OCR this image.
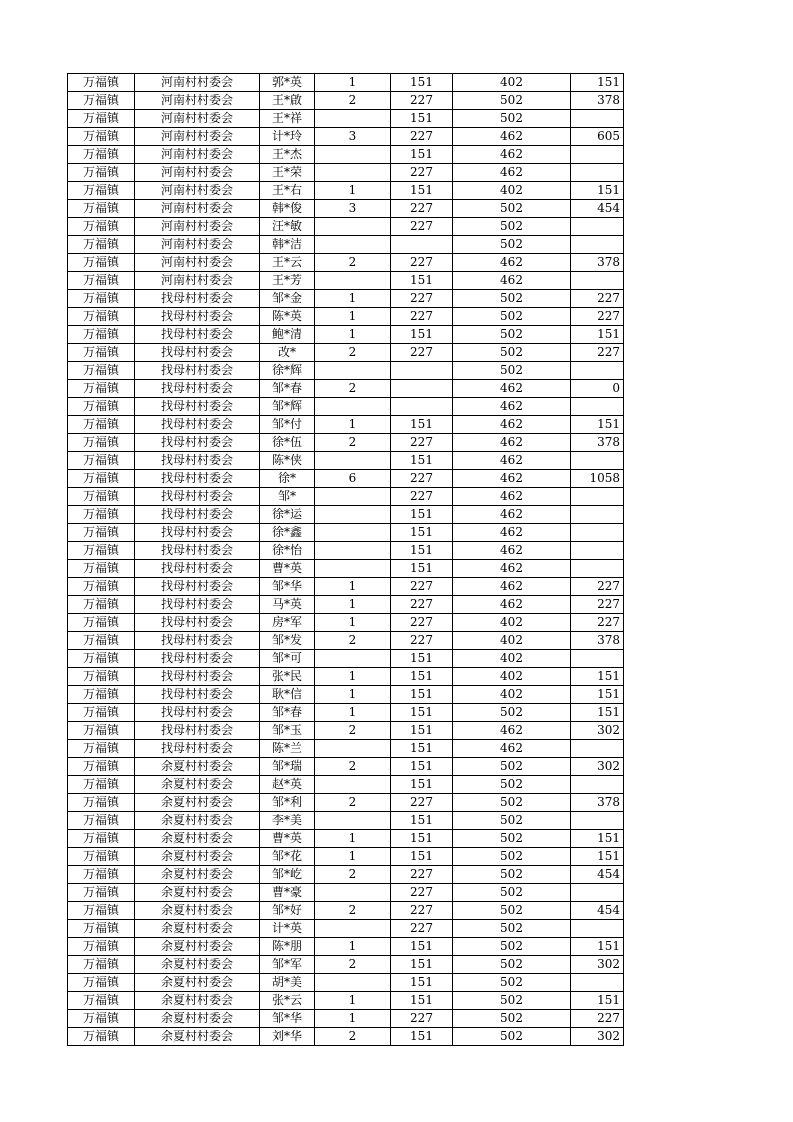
万福镇	河南村村委会	郭*英	1	151	402	151
万福镇	河南村村委会	王*啟	2	227	502	378
万福镇	河南村村委会	王*祥		151	502	
万福镇	河南村村委会	计*玲	3	227	462	605
万福镇	河南村村委会	王*杰		151	462	
万福镇	河南村村委会	王*荣		227	462	
万福镇	河南村村委会	王*右	1	151	402	151
万福镇	河南村村委会	韩*俊	3	227	502	454
万福镇	河南村村委会	汪*敏		227	502	
万福镇	河南村村委会	韩*洁			502	
万福镇	河南村村委会	王*云	2	227	462	378
万福镇	河南村村委会	王*芳		151	462	
万福镇	找母村村委会	邹*金	1	227	502	227
万福镇	找母村村委会	陈*英	1	227	502	227
万福镇	找母村村委会	鲍*清	1	151	502	151
万福镇	找母村村委会	改*	2	227	502	227
万福镇	找母村村委会	徐*辉			502	
万福镇	找母村村委会	邹*春	2		462	0
万福镇	找母村村委会	邹*辉			462	
万福镇	找母村村委会	邹*付	1	151	462	151
万福镇	找母村村委会	徐*伍	2	227	462	378
万福镇	找母村村委会	陈*侠		151	462	
万福镇	找母村村委会	徐*	6	227	462	1058
万福镇	找母村村委会	邹*		227	462	
万福镇	找母村村委会	徐*运		151	462	
万福镇	找母村村委会	徐*鑫		151	462	
万福镇	找母村村委会	徐*怡		151	462	
万福镇	找母村村委会	曹*英		151	462	
万福镇	找母村村委会	邹*华	1	227	462	227
万福镇	找母村村委会	马*英	1	227	462	227
万福镇	找母村村委会	房*军	1	227	402	227
万福镇	找母村村委会	邹*发	2	227	402	378
万福镇	找母村村委会	邹*可		151	402	
万福镇	找母村村委会	张*民	1	151	402	151
万福镇	找母村村委会	耿*信	1	151	402	151
万福镇	找母村村委会	邹*春	1	151	502	151
万福镇	找母村村委会	邹*玉	2	151	462	302
万福镇	找母村村委会	陈*兰		151	462	
万福镇	余夏村村委会	邹*瑞	2	151	502	302
万福镇	余夏村村委会	赵*英		151	502	
万福镇	余夏村村委会	邹*利	2	227	502	378
万福镇	余夏村村委会	李*美		151	502	
万福镇	余夏村村委会	曹*英	1	151	502	151
万福镇	余夏村村委会	邹*花	1	151	502	151
万福镇	余夏村村委会	邹*屹	2	227	502	454
万福镇	余夏村村委会	曹*豪		227	502	
万福镇	余夏村村委会	邹*好	2	227	502	454
万福镇	余夏村村委会	计*英		227	502	
万福镇	余夏村村委会	陈*朋	1	151	502	151
万福镇	余夏村村委会	邹*军	2	151	502	302
万福镇	余夏村村委会	胡*美		151	502	
万福镇	余夏村村委会	张*云	1	151	502	151
万福镇	余夏村村委会	邹*华	1	227	502	227
万福镇	余夏村村委会	刘*华	2	151	502	302
